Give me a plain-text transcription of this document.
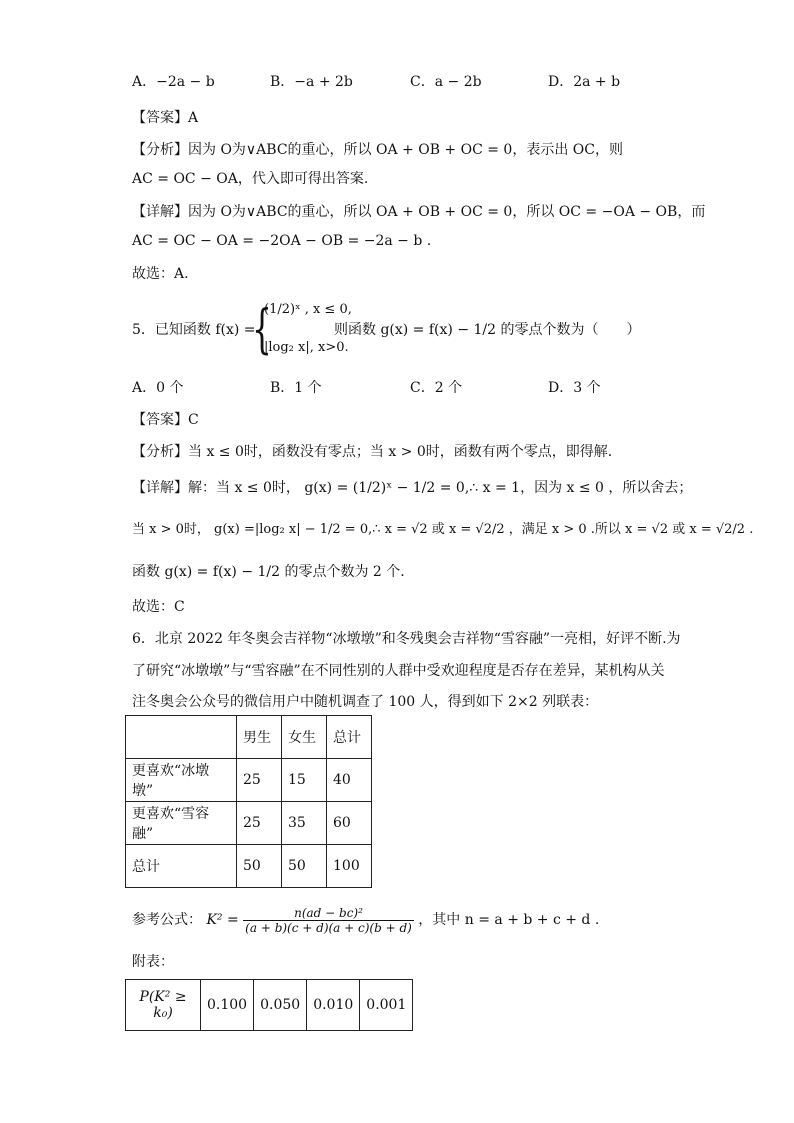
A．−2a − b	B．−a + 2b	C．a − 2b	D．2a + b
【答案】A
【分析】因为 O为∨ABC的重心，所以 OA + OB + OC = 0，表示出 OC，则
AC = OC − OA，代入即可得出答案.
【详解】因为 O为∨ABC的重心，所以 OA + OB + OC = 0，所以 OC = −OA − OB，而
AC = OC − OA = −2OA − OB = −2a − b .
故选：A.
5．已知函数 f(x) =
{
(1/2)ˣ , x ≤ 0,
|log₂ x|, x>0.
则函数 g(x) = f(x) − 1/2 的零点个数为（　　）
A．0 个	B．1 个	C．2 个	D．3 个
【答案】C
【分析】当 x ≤ 0时，函数没有零点；当 x > 0时，函数有两个零点，即得解.
【详解】解：当 x ≤ 0时， g(x) = (1/2)ˣ − 1/2 = 0,∴ x = 1，因为 x ≤ 0 ，所以舍去；
当 x > 0时， g(x) =|log₂ x| − 1/2 = 0,∴ x = √2 或 x = √2/2 ，满足 x > 0 .所以 x = √2 或 x = √2/2 .
函数 g(x) = f(x) − 1/2 的零点个数为 2 个.
故选：C
6．北京 2022 年冬奥会吉祥物“冰墩墩”和冬残奥会吉祥物“雪容融”一亮相，好评不断.为
了研究“冰墩墩”与“雪容融”在不同性别的人群中受欢迎程度是否存在差异，某机构从关
注冬奥会公众号的微信用户中随机调查了 100 人，得到如下 2×2 列联表：
	男生	女生	总计
更喜欢“冰墩墩”	25	15	40
更喜欢“雪容融”	25	35	60
总计	50	50	100
参考公式： $K^2 = \frac{\text{n(ad − bc)²}}{(a + b)(c + d)(a + c)(b + d)}$ ，其中 n = a + b + c + d .
附表：
P(K² ≥ k₀)	0.100	0.050	0.010	0.001
